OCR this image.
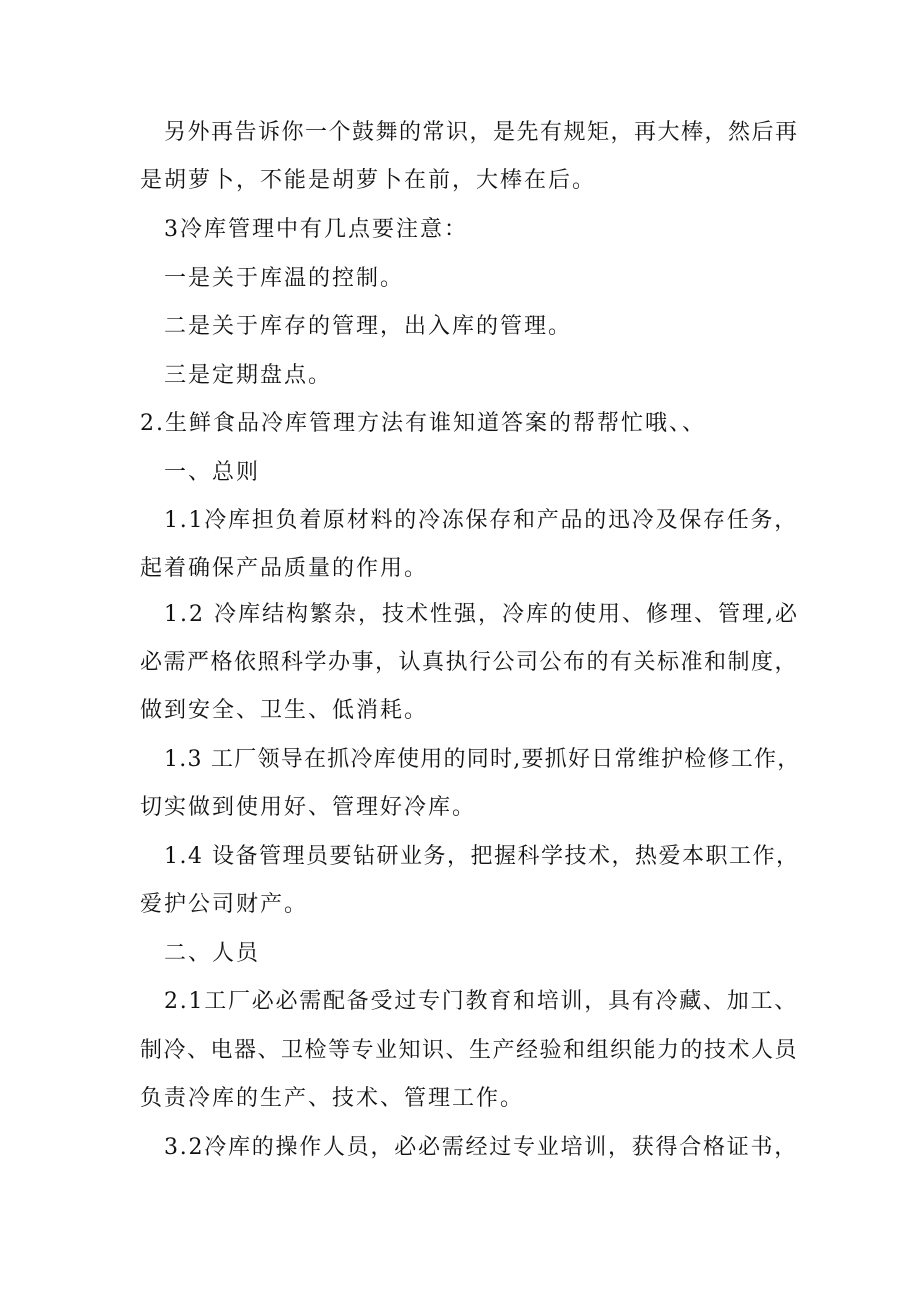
另外再告诉你一个鼓舞的常识，是先有规矩，再大棒，然后再
是胡萝卜，不能是胡萝卜在前，大棒在后。
3冷库管理中有几点要注意：
一是关于库温的控制。
二是关于库存的管理，出入库的管理。
三是定期盘点。
2.生鲜食品冷库管理方法有谁知道答案的帮帮忙哦、、
一、总则
1.1冷库担负着原材料的冷冻保存和产品的迅冷及保存任务，
起着确保产品质量的作用。
1.2 冷库结构繁杂，技术性强，冷库的使用、修理、管理,必
必需严格依照科学办事，认真执行公司公布的有关标准和制度，
做到安全、卫生、低消耗。
1.3 工厂领导在抓冷库使用的同时,要抓好日常维护检修工作，
切实做到使用好、管理好冷库。
1.4 设备管理员要钻研业务，把握科学技术，热爱本职工作，
爱护公司财产。
二、人员
2.1工厂必必需配备受过专门教育和培训，具有冷藏、加工、
制冷、电器、卫检等专业知识、生产经验和组织能力的技术人员
负责冷库的生产、技术、管理工作。
3.2冷库的操作人员，必必需经过专业培训，获得合格证书，
